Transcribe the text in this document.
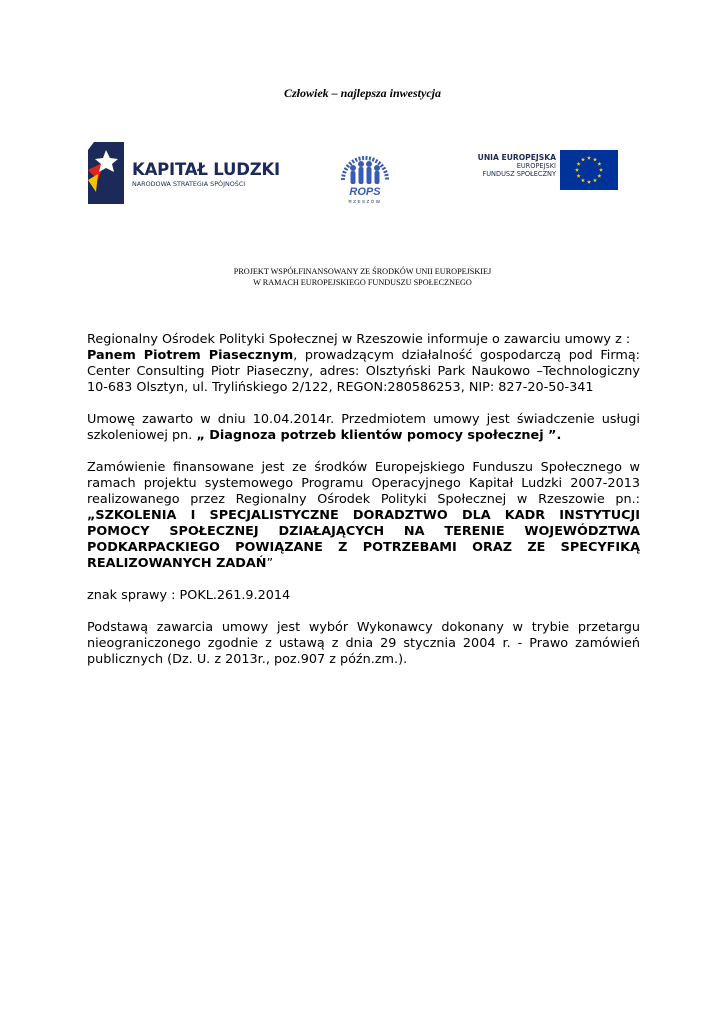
Człowiek – najlepsza inwestycja
KAPITAŁ LUDZKI
NARODOWA STRATEGIA SPÓJNOŚCI
ROPS
RZESZÓW
UNIA EUROPEJSKA
EUROPEJSKI
FUNDUSZ SPOŁECZNY
PROJEKT WSPÓŁFINANSOWANY ZE ŚRODKÓW UNII EUROPEJSKIEJ
W RAMACH EUROPEJSKIEGO FUNDUSZU SPOŁECZNEGO

Regionalny Ośrodek Polityki Społecznej w Rzeszowie informuje o zawarciu umowy z :

Panem Piotrem Piasecznym, prowadzącym działalność gospodarczą pod Firmą: Center Consulting Piotr Piaseczny, adres: Olsztyński Park Naukowo –Technologiczny 10-683 Olsztyn, ul. Trylińskiego 2/122, REGON:280586253, NIP: 827-20-50-341

Umowę zawarto w dniu 10.04.2014r. Przedmiotem umowy jest świadczenie usługi szkoleniowej pn. „ Diagnoza potrzeb klientów pomocy społecznej ”.

Zamówienie finansowane jest ze środków Europejskiego Funduszu Społecznego w ramach projektu systemowego Programu Operacyjnego Kapitał Ludzki 2007-2013 realizowanego przez Regionalny Ośrodek Polityki Społecznej w Rzeszowie pn.: „SZKOLENIA I SPECJALISTYCZNE DORADZTWO DLA KADR INSTYTUCJI POMOCY SPOŁECZNEJ DZIAŁAJĄCYCH NA TERENIE WOJEWÓDZTWA PODKARPACKIEGO POWIĄZANE Z POTRZEBAMI ORAZ ZE SPECYFIKĄ REALIZOWANYCH ZADAŃ”

znak sprawy : POKL.261.9.2014

Podstawą zawarcia umowy jest wybór Wykonawcy dokonany w trybie przetargu nieograniczonego zgodnie z ustawą z dnia 29 stycznia 2004 r. - Prawo zamówień publicznych (Dz. U. z 2013r., poz.907 z późn.zm.).
